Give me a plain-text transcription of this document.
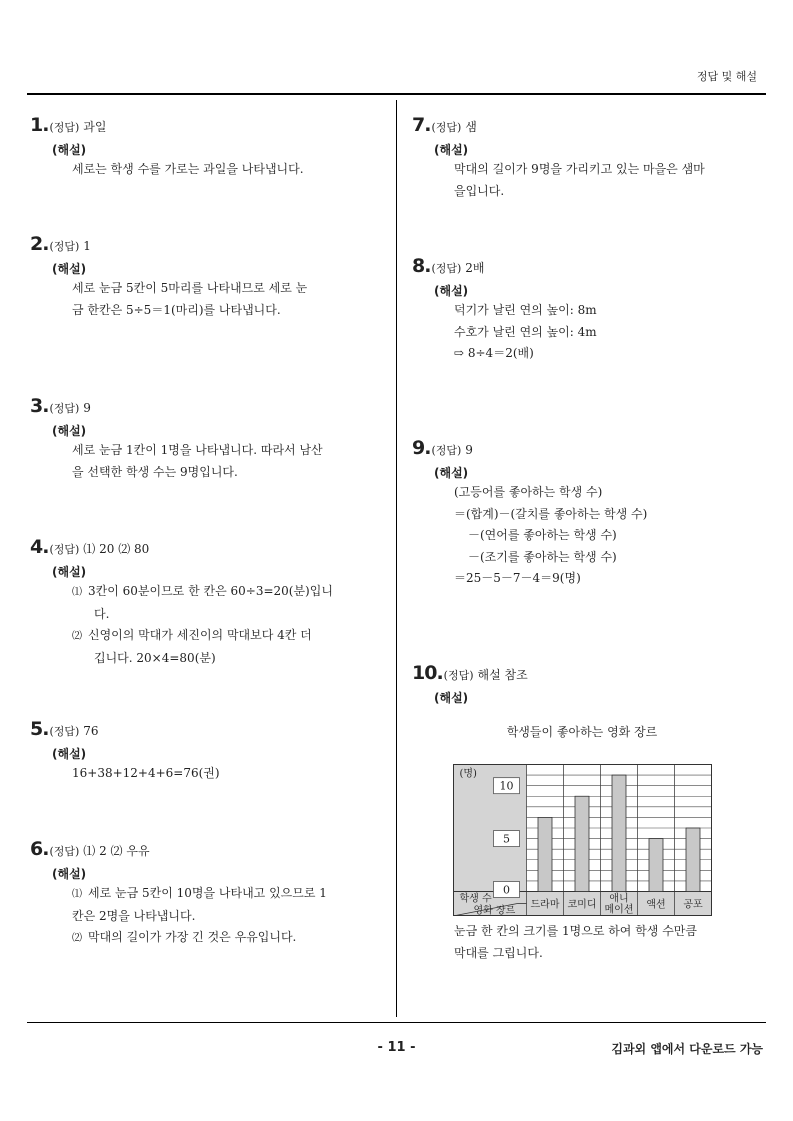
정답 및 해설
1.(정답) 과일
(해설)
세로는 학생 수를 가로는 과일을 나타냅니다.
2.(정답) 1
(해설)
세로 눈금 5칸이 5마리를 나타내므로 세로 눈
금 한칸은 5÷5＝1(마리)를 나타냅니다.
3.(정답) 9
(해설)
세로 눈금 1칸이 1명을 나타냅니다. 따라서 남산
을 선택한 학생 수는 9명입니다.
4.(정답) ⑴ 20 ⑵ 80
(해설)
⑴ 3칸이 60분이므로 한 칸은 60÷3=20(분)입니
다.
⑵ 신영이의 막대가 세진이의 막대보다 4칸 더
깁니다. 20×4=80(분)
5.(정답) 76
(해설)
16+38+12+4+6=76(권)
6.(정답) ⑴ 2 ⑵ 우유
(해설)
⑴ 세로 눈금 5칸이 10명을 나타내고 있으므로 1
칸은 2명을 나타냅니다.
⑵ 막대의 길이가 가장 긴 것은 우유입니다.
7.(정답) 샘
(해설)
막대의 길이가 9명을 가리키고 있는 마을은 샘마
을입니다.
8.(정답) 2배
(해설)
덕기가 날린 연의 높이: 8m
수호가 날린 연의 높이: 4m
⇨ 8÷4＝2(배)
9.(정답) 9
(해설)
(고등어를 좋아하는 학생 수)
＝(합계)－(갈치를 좋아하는 학생 수)
－(연어를 좋아하는 학생 수)
－(조기를 좋아하는 학생 수)
＝25－5－7－4＝9(명)
10.(정답) 해설 참조
(해설)
학생들이 좋아하는 영화 장르
(명)
0
5
10
드라마 코미디
애니 메이션 액션 공포
학생 수
영화 장르
눈금 한 칸의 크기를 1명으로 하여 학생 수만큼
막대를 그립니다.
- 11 -	김과외 앱에서 다운로드 가능
